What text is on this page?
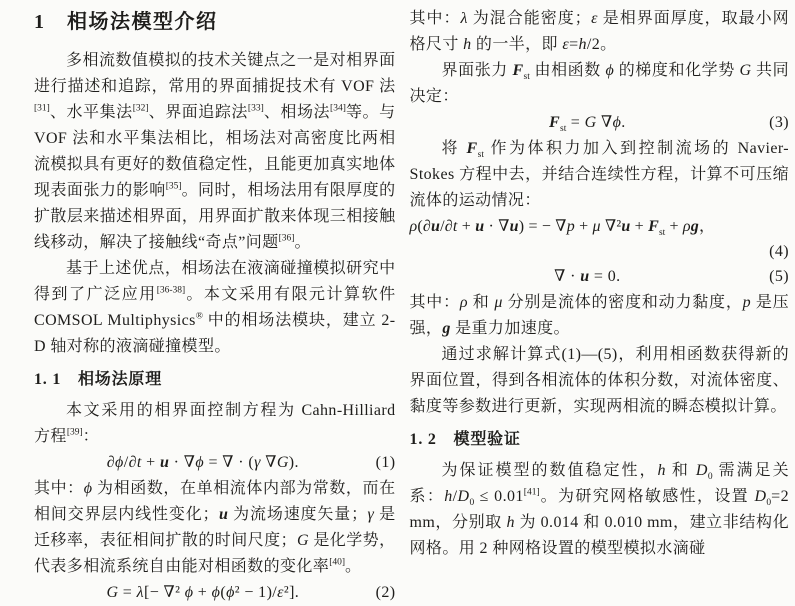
1　相场法模型介绍
多相流数值模拟的技术关键点之一是对相界面进行描述和追踪，常用的界面捕捉技术有 VOF 法[31]、水平集法[32]、界面追踪法[33]、相场法[34]等。与 VOF 法和水平集法相比，相场法对高密度比两相流模拟具有更好的数值稳定性，且能更加真实地体现表面张力的影响[35]。同时，相场法用有限厚度的扩散层来描述相界面，用界面扩散来体现三相接触线移动，解决了接触线“奇点”问题[36]。
基于上述优点，相场法在液滴碰撞模拟研究中得到了广泛应用[36-38]。本文采用有限元计算软件 COMSOL Multiphysics® 中的相场法模块，建立 2-D 轴对称的液滴碰撞模型。
1. 1　相场法原理
本文采用的相界面控制方程为 Cahn-Hilliard 方程[39]：
∂ϕ/∂t + u · ∇ϕ = ∇ · (γ ∇G).	(1)
其中：ϕ 为相函数，在单相流体内部为常数，而在相间交界层内线性变化；u 为流场速度矢量；γ 是迁移率，表征相间扩散的时间尺度；G 是化学势，代表多相流系统自由能对相函数的变化率[40]。
G = λ[− ∇² ϕ + ϕ(ϕ² − 1)/ε²].	(2)
其中：λ 为混合能密度；ε 是相界面厚度，取最小网格尺寸 h 的一半，即 ε=h/2。
界面张力 $F_{st}$ 由相函数 ϕ 的梯度和化学势 G 共同决定：
$F_{st} = G$ ∇ϕ.	(3)
将 $F_{st}$ 作为体积力加入到控制流场的 Navier-Stokes 方程中去，并结合连续性方程，计算不可压缩流体的运动情况：
ρ(∂u/∂t + u · ∇u) = − ∇p + μ $\nabla^2u + F_{st} + \rho g$，
(4)
∇ · u = 0.	(5)
其中：ρ 和 μ 分别是流体的密度和动力黏度，p 是压强，g 是重力加速度。
通过求解计算式(1)—(5)，利用相函数获得新的界面位置，得到各相流体的体积分数，对流体密度、黏度等参数进行更新，实现两相流的瞬态模拟计算。
1. 2　模型验证
为保证模型的数值稳定性，h 和 $D_0$ 需满足关系：$h/D_0 \le 0.01[41]$。为研究网格敏感性，设置 $D_0=2$ mm，分别取 h 为 0.014 和 0.010 mm，建立非结构化网格。用 2 种网格设置的模型模拟水滴碰
